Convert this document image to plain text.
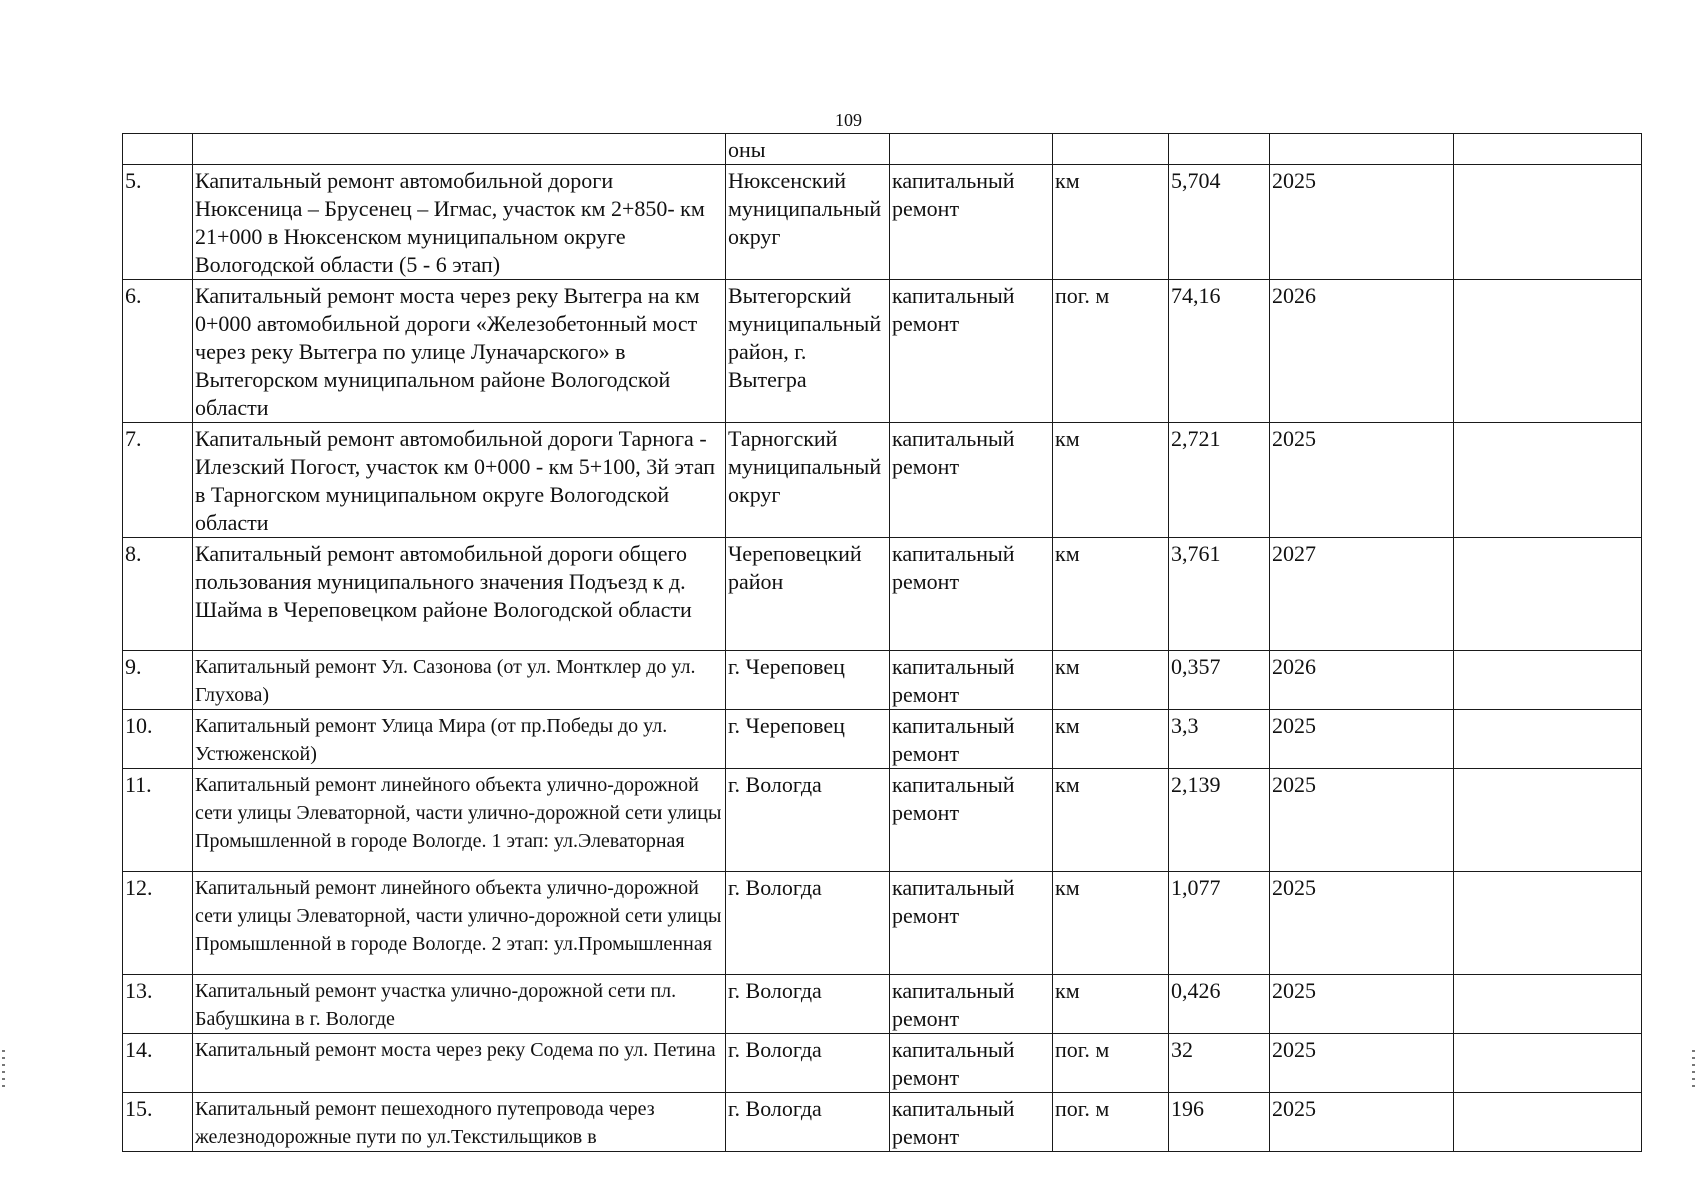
109
		оны					
5.	Капитальный ремонт автомобильной дороги Нюксеница – Брусенец – Игмас, участок км 2+850- км 21+000 в Нюксенском муниципальном округе Вологодской области (5 - 6 этап)	Нюксенский муниципальный округ	капитальный ремонт	км	5,704	2025	
6.	Капитальный ремонт моста через реку Вытегра на км 0+000 автомобильной дороги «Железобетонный мост через реку Вытегра по улице Луначарского» в Вытегорском муниципальном районе Вологодской области	Вытегорский муниципальный район, г. Вытегра	капитальный ремонт	пог. м	74,16	2026	
7.	Капитальный ремонт автомобильной дороги Тарнога - Илезский Погост, участок км 0+000 - км 5+100, 3й этап в Тарногском муниципальном округе Вологодской области	Тарногский муниципальный округ	капитальный ремонт	км	2,721	2025	
8.	Капитальный ремонт автомобильной дороги общего пользования муниципального значения Подъезд к д. Шайма в Череповецком районе Вологодской области	Череповецкий район	капитальный ремонт	км	3,761	2027	
9.	Капитальный ремонт Ул. Сазонова (от ул. Монтклер до ул. Глухова)	г. Череповец	капитальный ремонт	км	0,357	2026	
10.	Капитальный ремонт Улица Мира (от пр.Победы до ул. Устюженской)	г. Череповец	капитальный ремонт	км	3,3	2025	
11.	Капитальный ремонт линейного объекта улично-дорожной сети улицы Элеваторной, части улично-дорожной сети улицы Промышленной в городе Вологде. 1 этап: ул.Элеваторная	г. Вологда	капитальный ремонт	км	2,139	2025	
12.	Капитальный ремонт линейного объекта улично-дорожной сети улицы Элеваторной, части улично-дорожной сети улицы Промышленной в городе Вологде. 2 этап: ул.Промышленная	г. Вологда	капитальный ремонт	км	1,077	2025	
13.	Капитальный ремонт участка улично-дорожной сети пл. Бабушкина в г. Вологде	г. Вологда	капитальный ремонт	км	0,426	2025	
14.	Капитальный ремонт моста через реку Содема по ул. Петина	г. Вологда	капитальный ремонт	пог. м	32	2025	
15.	Капитальный ремонт пешеходного путепровода через железнодорожные пути по ул.Текстильщиков в	г. Вологда	капитальный ремонт	пог. м	196	2025	
